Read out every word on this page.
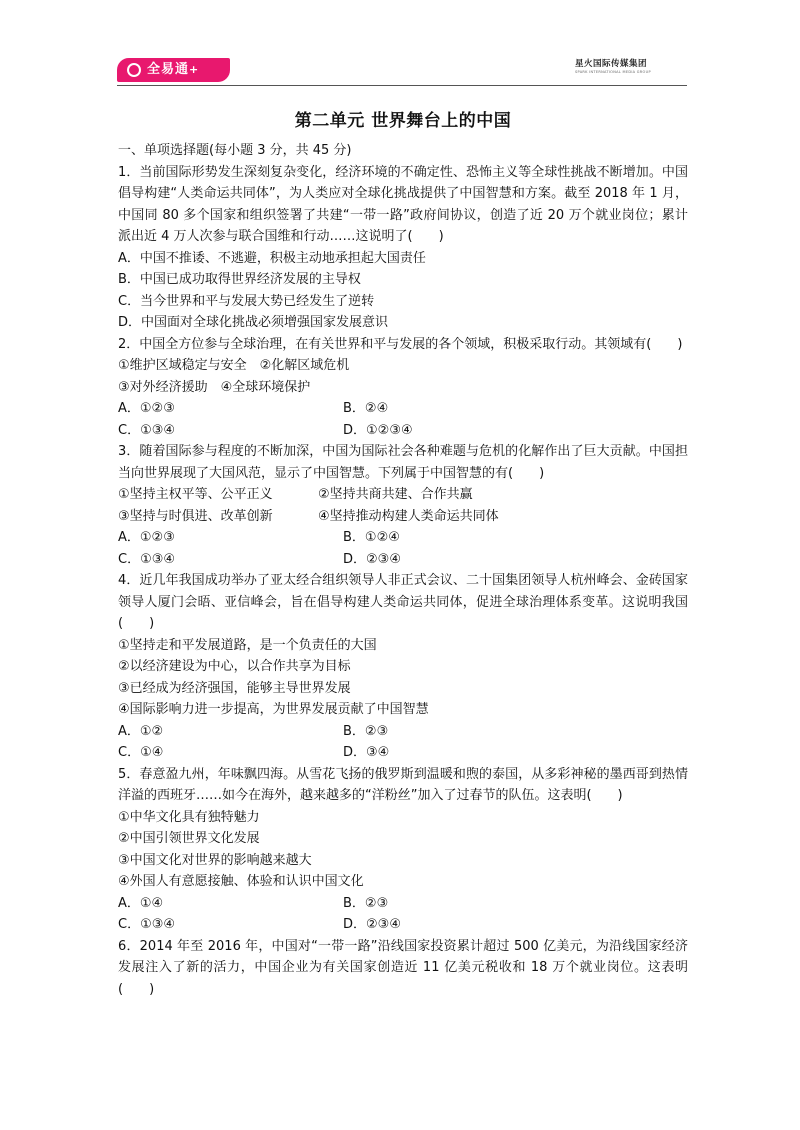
全易通+	星火国际传媒集团
SPARK INTERNATIONAL MEDIA GROUP
第二单元 世界舞台上的中国
一、单项选择题(每小题 3 分，共 45 分)
1．当前国际形势发生深刻复杂变化，经济环境的不确定性、恐怖主义等全球性挑战不断增加。中国倡导构建“人类命运共同体”，为人类应对全球化挑战提供了中国智慧和方案。截至 2018 年 1 月，中国同 80 多个国家和组织签署了共建“一带一路”政府间协议，创造了近 20 万个就业岗位；累计派出近 4 万人次参与联合国维和行动……这说明了(　　)
A．中国不推诿、不逃避，积极主动地承担起大国责任
B．中国已成功取得世界经济发展的主导权
C．当今世界和平与发展大势已经发生了逆转
D．中国面对全球化挑战必须增强国家发展意识
2．中国全方位参与全球治理，在有关世界和平与发展的各个领域，积极采取行动。其领域有(　　)
①维护区域稳定与安全　②化解区域危机
③对外经济援助　④全球环境保护
A．①②③	B．②④
C．①③④	D．①②③④
3．随着国际参与程度的不断加深，中国为国际社会各种难题与危机的化解作出了巨大贡献。中国担当向世界展现了大国风范，显示了中国智慧。下列属于中国智慧的有(　　)
①坚持主权平等、公平正义	②坚持共商共建、合作共赢
③坚持与时俱进、改革创新	④坚持推动构建人类命运共同体
A．①②③	B．①②④
C．①③④	D．②③④
4．近几年我国成功举办了亚太经合组织领导人非正式会议、二十国集团领导人杭州峰会、金砖国家领导人厦门会晤、亚信峰会，旨在倡导构建人类命运共同体，促进全球治理体系变革。这说明我国(　　)
①坚持走和平发展道路，是一个负责任的大国
②以经济建设为中心，以合作共享为目标
③已经成为经济强国，能够主导世界发展
④国际影响力进一步提高，为世界发展贡献了中国智慧
A．①②	B．②③
C．①④	D．③④
5．春意盈九州，年味飘四海。从雪花飞扬的俄罗斯到温暖和煦的泰国，从多彩神秘的墨西哥到热情洋溢的西班牙……如今在海外，越来越多的“洋粉丝”加入了过春节的队伍。这表明(　　)
①中华文化具有独特魅力
②中国引领世界文化发展
③中国文化对世界的影响越来越大
④外国人有意愿接触、体验和认识中国文化
A．①④	B．②③
C．①③④	D．②③④
6．2014 年至 2016 年，中国对“一带一路”沿线国家投资累计超过 500 亿美元，为沿线国家经济发展注入了新的活力，中国企业为有关国家创造近 11 亿美元税收和 18 万个就业岗位。这表明(　　)
